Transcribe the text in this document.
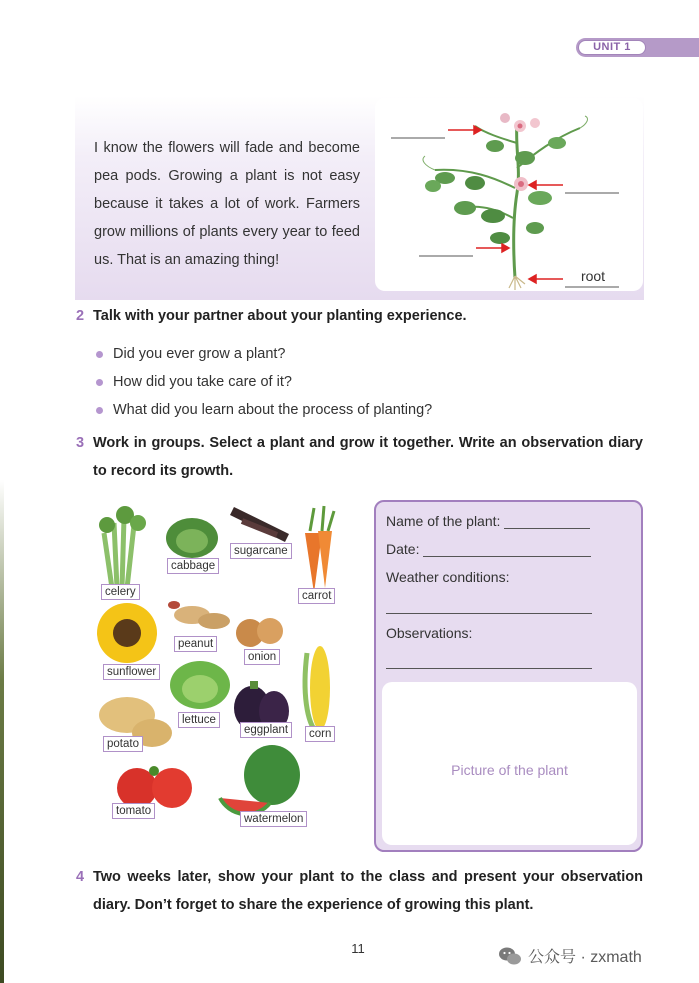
UNIT 1
I know the flowers will fade and become pea pods. Growing a plant is not easy because it takes a lot of work. Farmers grow millions of plants every year to feed us. That is an amazing thing!
root
2 Talk with your partner about your planting experience.
Did you ever grow a plant?
How did you take care of it?
What did you learn about the process of planting?
3 Work in groups. Select a plant and grow it together. Write an observation diary to record its growth.
celery
cabbage
sugarcane
carrot
peanut
sunflower
onion
lettuce
eggplant	corn
potato
tomato
watermelon
Name of the plant:
Date:
Weather conditions:
Observations:
Picture of the plant
4 Two weeks later, show your plant to the class and present your observation diary. Don’t forget to share the experience of growing this plant.
11
公众号 · zxmath
